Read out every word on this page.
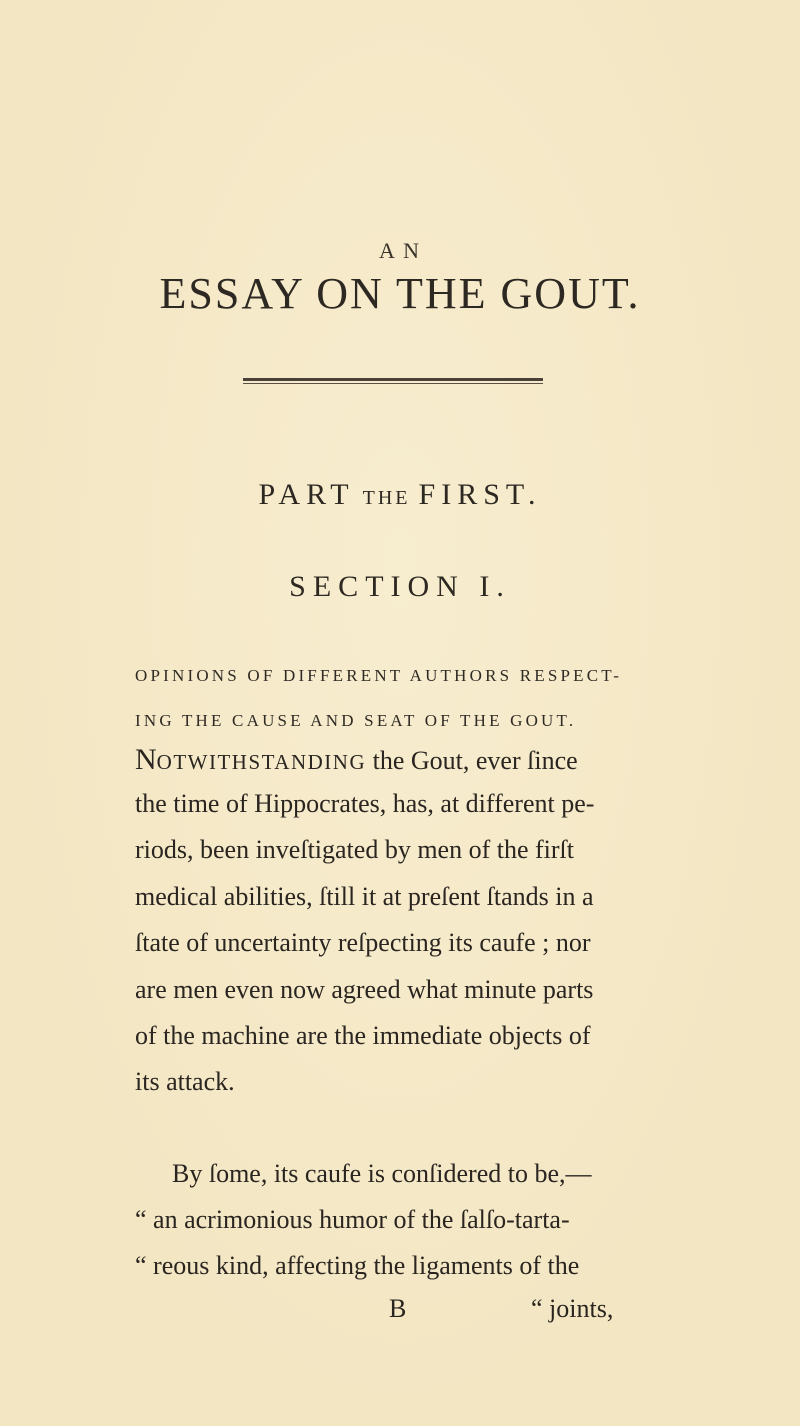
A N
ESSAY ON THE GOUT.
PART THE FIRST.
SECTION I.
OPINIONS OF DIFFERENT AUTHORS RESPECT-
ING THE CAUSE AND SEAT OF THE GOUT.
NOTWITHSTANDING the Gout, ever ſince
the time of Hippocrates, has, at different pe-
riods, been inveſtigated by men of the firſt
medical abilities, ſtill it at preſent ſtands in a
ſtate of uncertainty reſpecting its caufe ; nor
are men even now agreed what minute parts
of the machine are the immediate objects of
its attack.
By ſome, its caufe is conſidered to be,—
“ an acrimonious humor of the ſalſo-tarta-
“ reous kind, affecting the ligaments of the
B	“ joints,
